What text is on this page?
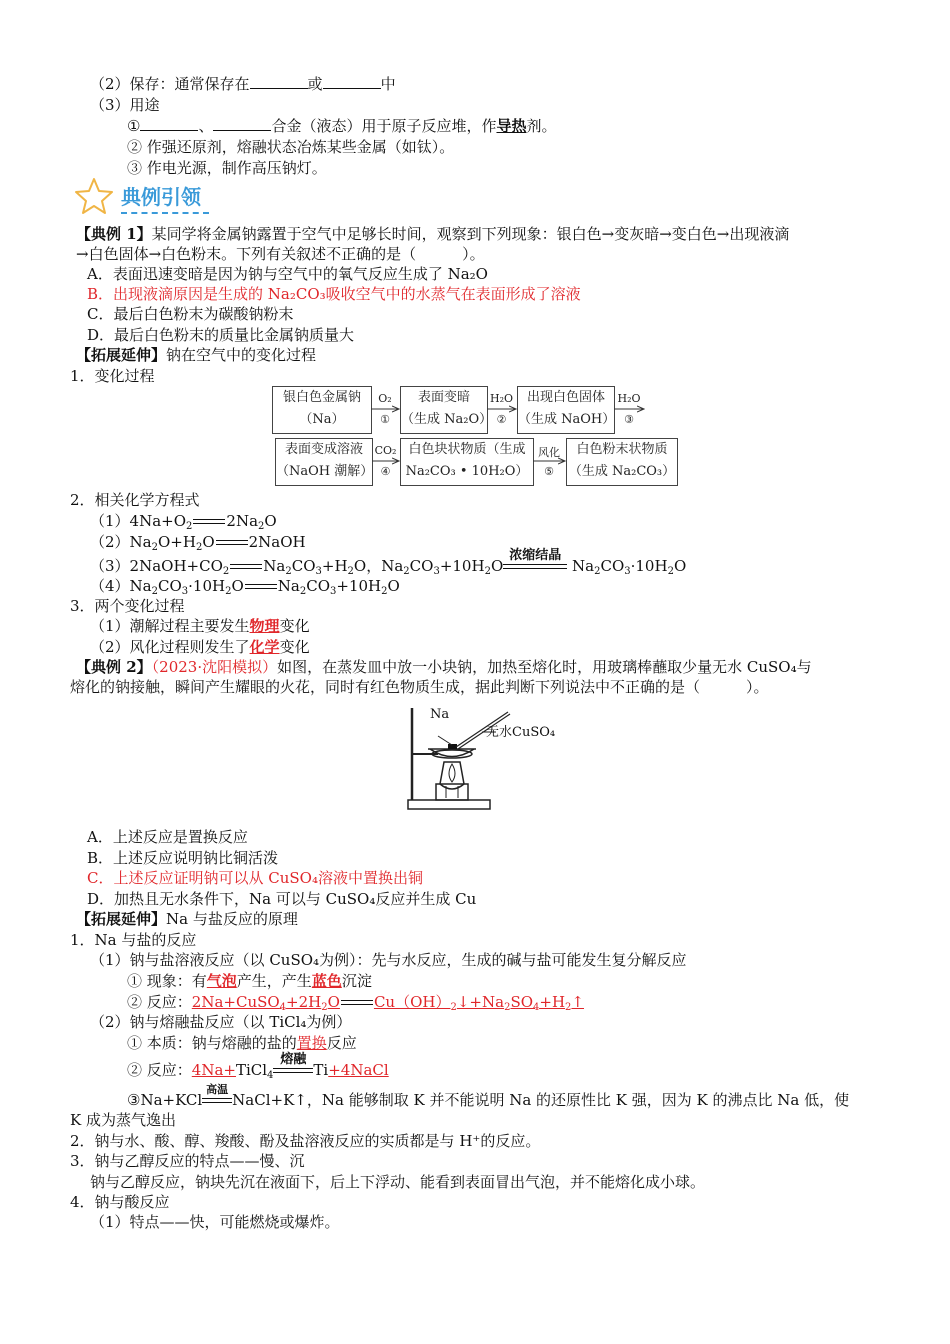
（2）保存：通常保存在	或	中
（3）用途
①	、	合金（液态）用于原子反应堆，作导热剂。
② 作强还原剂，熔融状态冶炼某些金属（如钛）。
③ 作电光源，制作高压钠灯。
典例引领
【典例 1】某同学将金属钠露置于空气中足够长时间，观察到下列现象：银白色→变灰暗→变白色→出现液滴
→白色固体→白色粉末。下列有关叙述不正确的是（	）。
A．表面迅速变暗是因为钠与空气中的氧气反应生成了 Na₂O
B．出现液滴原因是生成的 Na₂CO₃吸收空气中的水蒸气在表面形成了溶液
C．最后白色粉末为碳酸钠粉末
D．最后白色粉末的质量比金属钠质量大
【拓展延伸】钠在空气中的变化过程
1．变化过程
银白色金属钠
（Na）
表面变暗
（生成 Na₂O）
出现白色固体
（生成 NaOH）
表面变成溶液
（NaOH 潮解）
白色块状物质（生成
Na₂CO₃ • 10H₂O）
白色粉末状物质
（生成 Na₂CO₃）
O₂
①
H₂O
②
H₂O
③
CO₂
④
风化
⑤
2．相关化学方程式
$(1)4Na+O_2$ $2Na_2O$
$(2)Na_2O+H_2O$ 2NaOH
$(3)2NaOH+CO_2$ $Na_2CO_3+H_2O$，$Na_2CO_3+10H_2O$
浓缩结晶
$Na_2CO_3\cdot 10H_2O$
$(4)Na_2CO_3\cdot 10H_2O$ $Na_2CO_3+10H_2O$
3．两个变化过程
（1）潮解过程主要发生物理变化
（2）风化过程则发生了化学变化
【典例 2】（2023·沈阳模拟）如图，在蒸发皿中放一小块钠，加热至熔化时，用玻璃棒蘸取少量无水 CuSO₄与
熔化的钠接触，瞬间产生耀眼的火花，同时有红色物质生成，据此判断下列说法中不正确的是（	）。
Na
无水CuSO₄
A．上述反应是置换反应
B．上述反应说明钠比铜活泼
C．上述反应证明钠可以从 CuSO₄溶液中置换出铜
D．加热且无水条件下，Na 可以与 CuSO₄反应并生成 Cu
【拓展延伸】Na 与盐反应的原理
1．Na 与盐的反应
（1）钠与盐溶液反应（以 CuSO₄为例）：先与水反应，生成的碱与盐可能发生复分解反应
① 现象：有气泡产生，产生蓝色沉淀
② 反应：$2Na+CuSO_4+2H_2O$ $Cu(OH)_2↓+Na_2SO_4+H_2↑$
（2）钠与熔融盐反应（以 TiCl₄为例）
① 本质：钠与熔融的盐的置换反应
② 反应：4Na+TiCl$_4$
熔融
Ti+4NaCl
③Na+KCl
高温
NaCl+K↑，Na 能够制取 K 并不能说明 Na 的还原性比 K 强，因为 K 的沸点比 Na 低，使
K 成为蒸气逸出
2．钠与水、酸、醇、羧酸、酚及盐溶液反应的实质都是与 H⁺的反应。
3．钠与乙醇反应的特点——慢、沉
钠与乙醇反应，钠块先沉在液面下，后上下浮动、能看到表面冒出气泡，并不能熔化成小球。
4．钠与酸反应
（1）特点——快，可能燃烧或爆炸。
